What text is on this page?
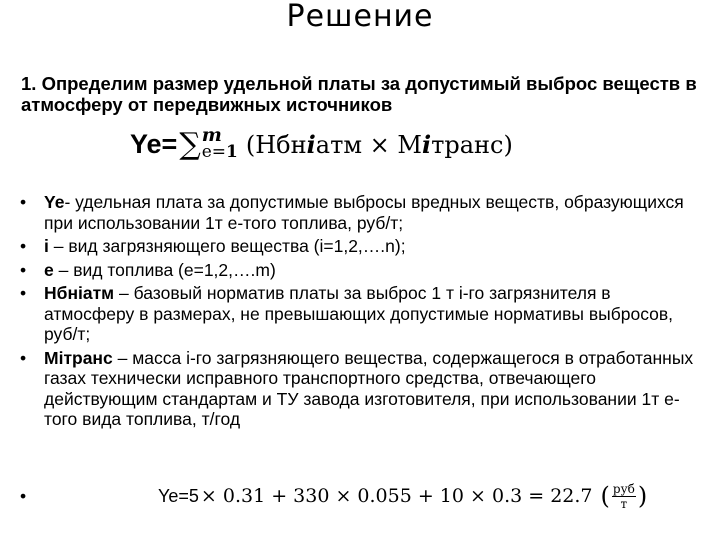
Решение
1. Определим размер удельной платы за допустимый выброс веществ в атмосферу от передвижных источников
Ye= ∑ m
e=1 (Нбнiатм × Miтранс)
• Ye- удельная плата за допустимые выбросы вредных веществ, образующихся при использовании 1т е-того топлива, руб/т;
• i – вид загрязняющего вещества (i=1,2,….n);
• e – вид топлива (e=1,2,….m)
• Нбніатм – базовый норматив платы за выброс 1 т i-го загрязнителя в атмосферу в размерах, не превышающих допустимые нормативы выбросов, руб/т;
• Мітранс – масса і-го загрязняющего вещества, содержащегося в отработанных газах технически исправного транспортного средства, отвечающего действующим стандартам и ТУ завода изготовителя, при использовании 1т е-того вида топлива, т/год
•	Ye=5 × 0.31 + 330 × 0.055 + 10 × 0.3 = 22.7 ( $\frac{\text{руб}}{т}$ )
